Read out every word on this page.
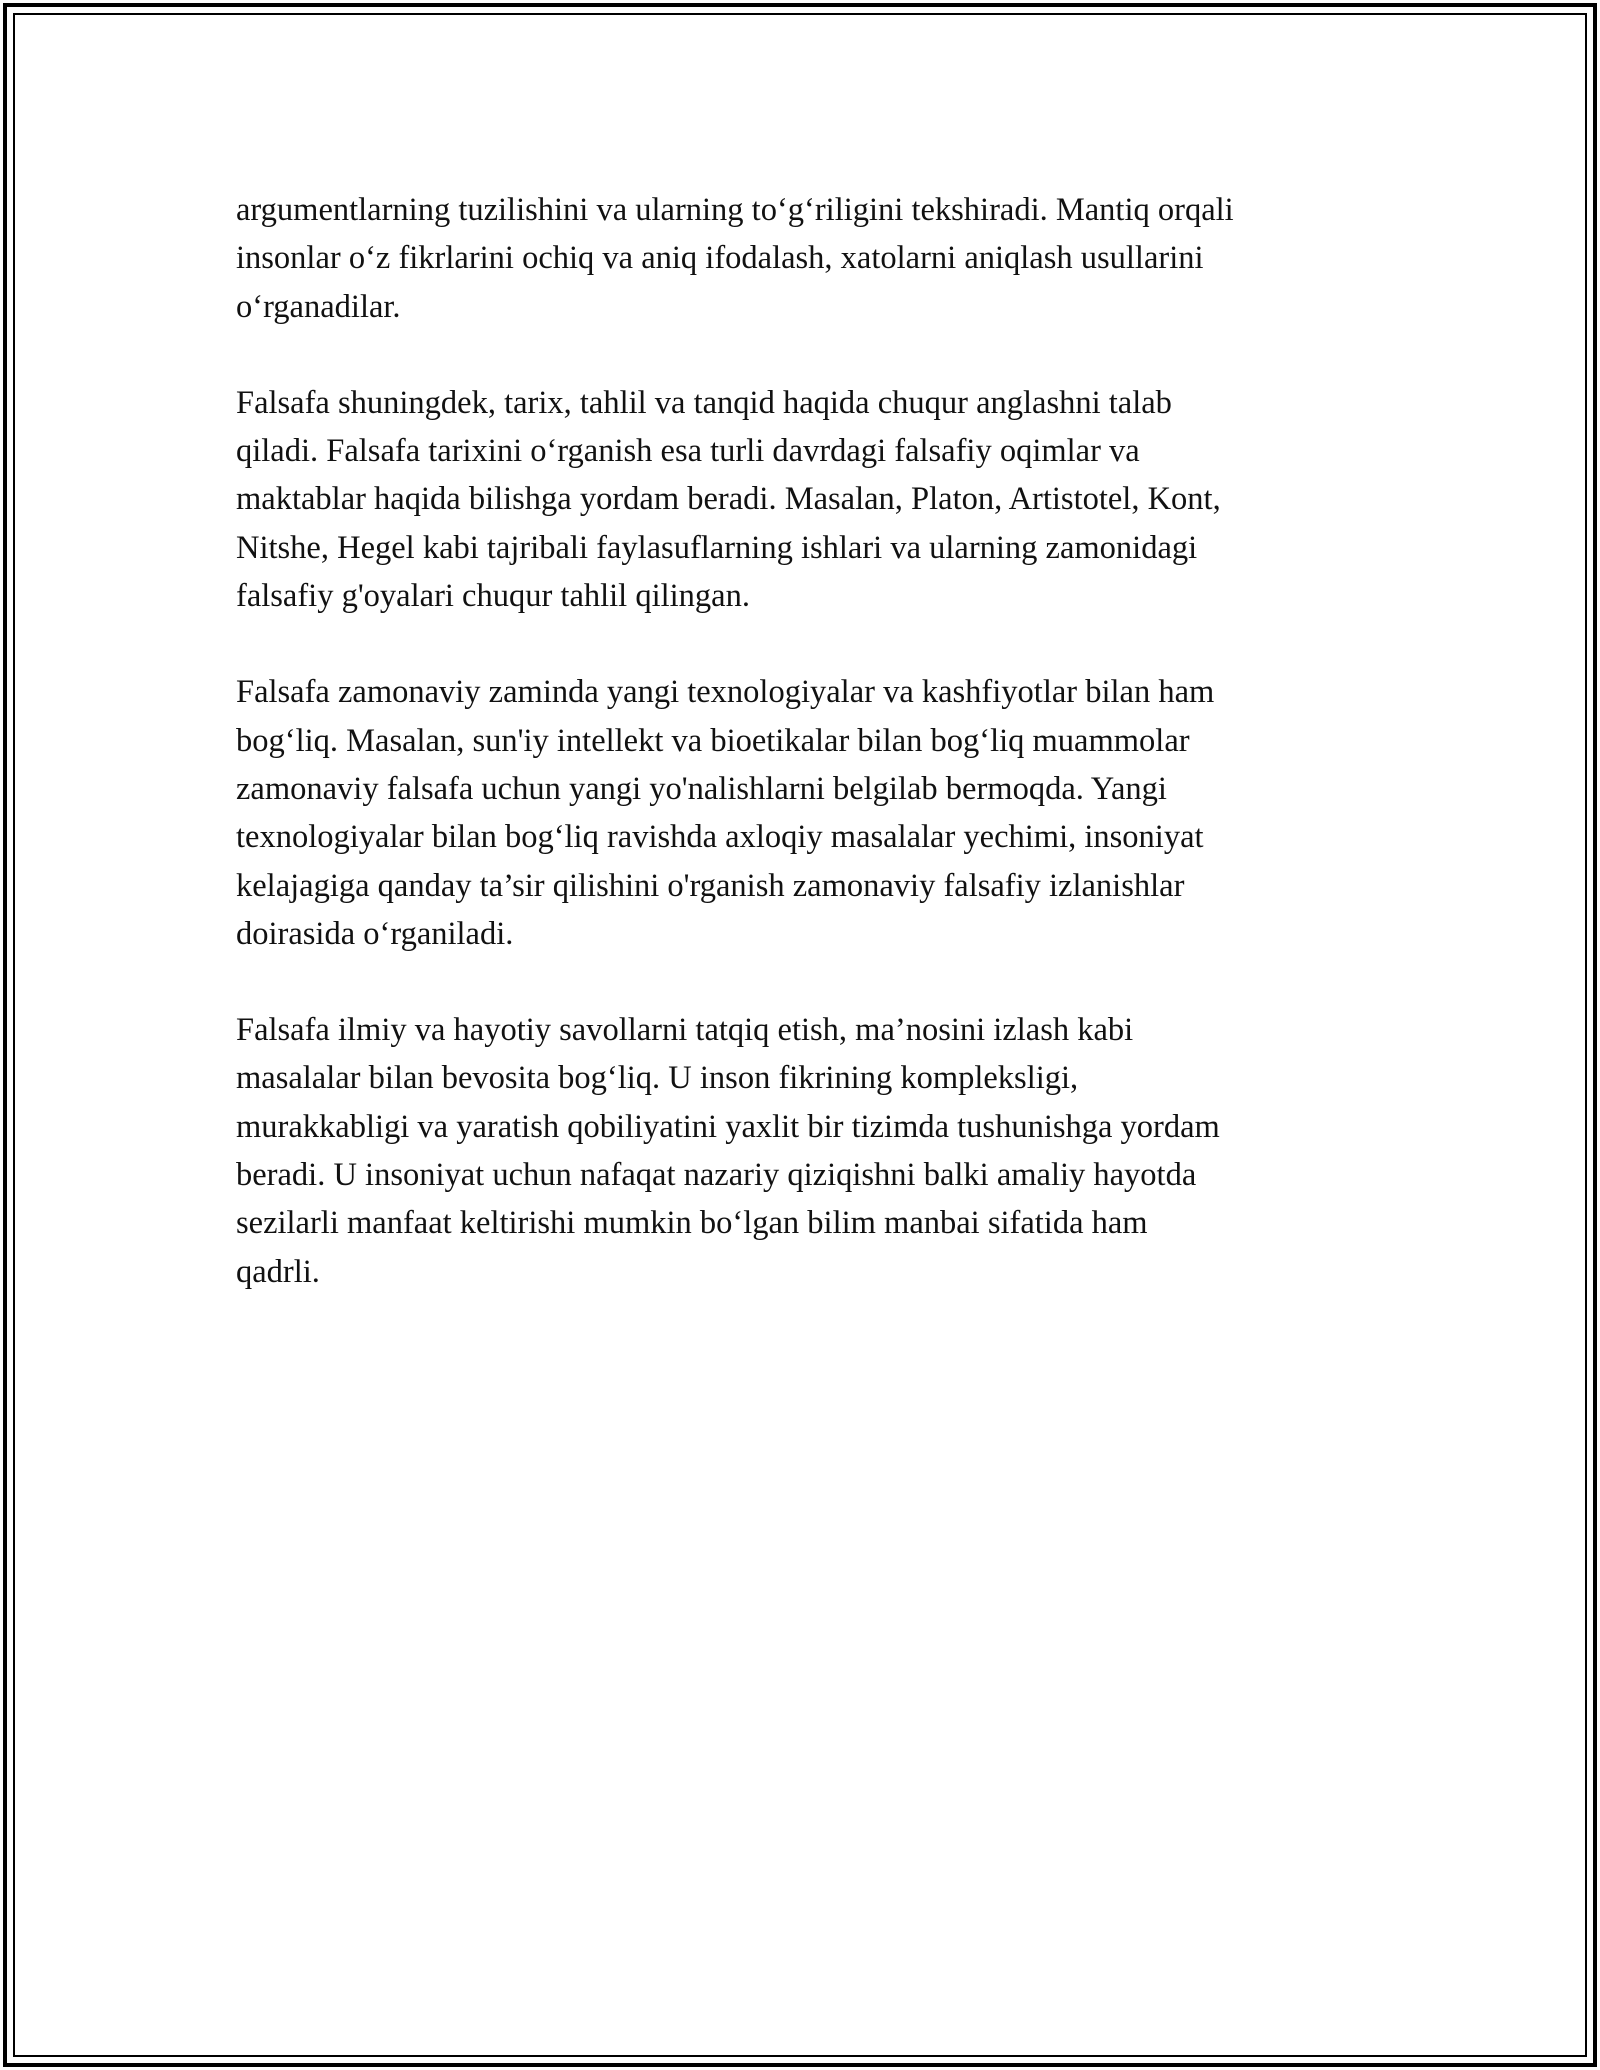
argumentlarning tuzilishini va ularning to‘g‘riligini tekshiradi. Mantiq orqali
insonlar o‘z fikrlarini ochiq va aniq ifodalash, xatolarni aniqlash usullarini
o‘rganadilar.

Falsafa shuningdek, tarix, tahlil va tanqid haqida chuqur anglashni talab
qiladi. Falsafa tarixini o‘rganish esa turli davrdagi falsafiy oqimlar va
maktablar haqida bilishga yordam beradi. Masalan, Platon, Artistotel, Kont,
Nitshe, Hegel kabi tajribali faylasuflarning ishlari va ularning zamonidagi
falsafiy g'oyalari chuqur tahlil qilingan.

Falsafa zamonaviy zaminda yangi texnologiyalar va kashfiyotlar bilan ham
bog‘liq. Masalan, sun'iy intellekt va bioetikalar bilan bog‘liq muammolar
zamonaviy falsafa uchun yangi yo'nalishlarni belgilab bermoqda. Yangi
texnologiyalar bilan bog‘liq ravishda axloqiy masalalar yechimi, insoniyat
kelajagiga qanday ta’sir qilishini o'rganish zamonaviy falsafiy izlanishlar
doirasida o‘rganiladi.

Falsafa ilmiy va hayotiy savollarni tatqiq etish, ma’nosini izlash kabi
masalalar bilan bevosita bog‘liq. U inson fikrining kompleksligi,
murakkabligi va yaratish qobiliyatini yaxlit bir tizimda tushunishga yordam
beradi. U insoniyat uchun nafaqat nazariy qiziqishni balki amaliy hayotda
sezilarli manfaat keltirishi mumkin bo‘lgan bilim manbai sifatida ham
qadrli.
